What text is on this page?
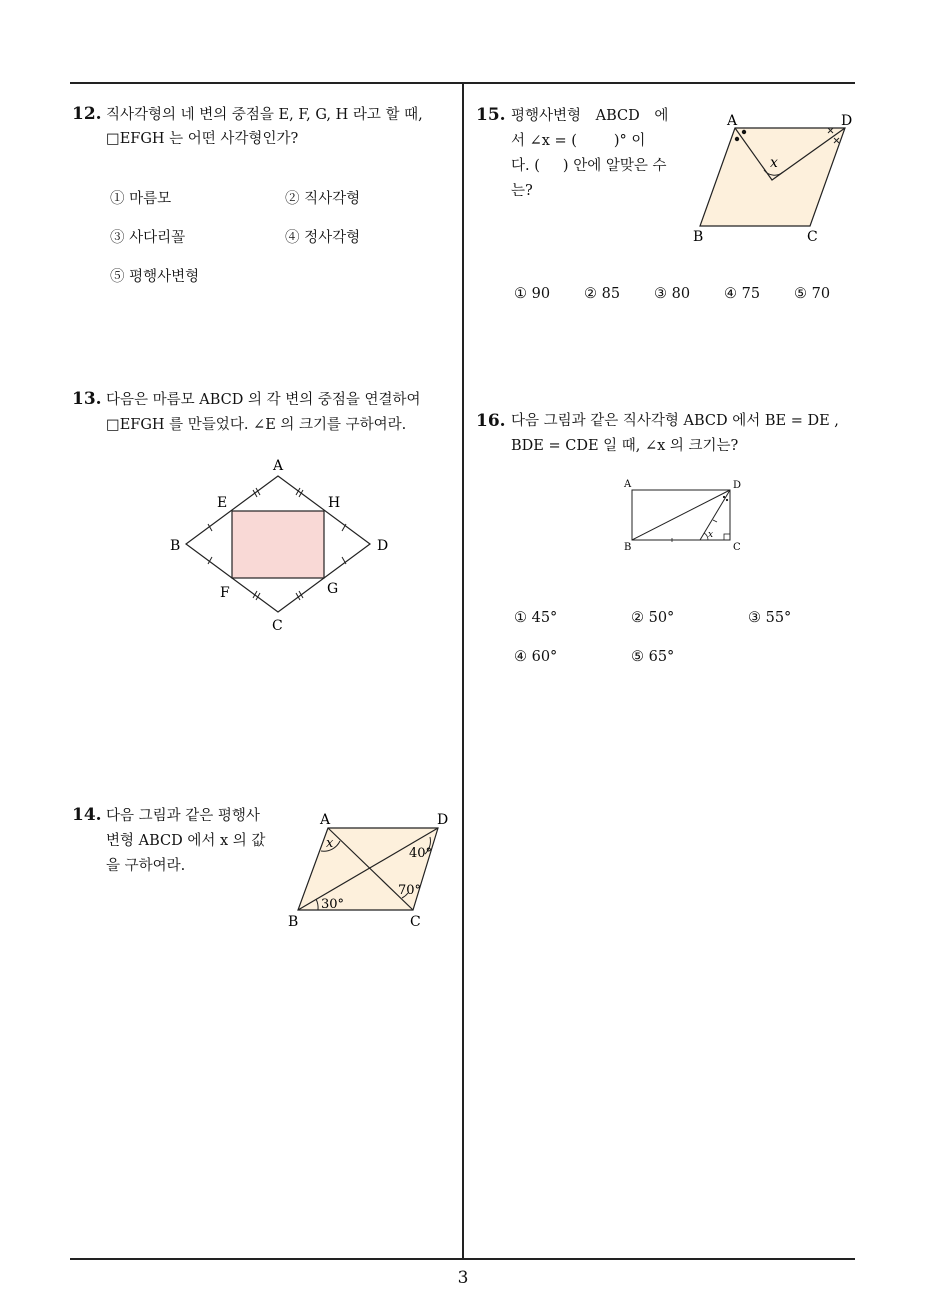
12. 직사각형의 네 변의 중점을 E, F, G, H 라고 할 때,
□EFGH 는 어떤 사각형인가?
① 마름모	② 직사각형
③ 사다리꼴	④ 정사각형
⑤ 평행사변형
13. 다음은 마름모 ABCD 의 각 변의 중점을 연결하여
□EFGH 를 만들었다. ∠E 의 크기를 구하여라.
A
B
C
D
E	H
F	G
14. 다음 그림과 같은 평행사
변형 ABCD 에서 x 의 값
을 구하여라.
A	D
B	C
x
40°
70°
30°
15. 평행사변형 ABCD 에
서 ∠x = (        )° 이
다. (     ) 안에 알맞은 수
는?
A	D
B	C
x
① 90 ② 85 ③ 80 ④ 75 ⑤ 70
16. 다음 그림과 같은 직사각형 ABCD 에서 BE = DE ,
BDE = CDE 일 때, ∠x 의 크기는?
A	D
B	C
x
① 45°	② 50°	③ 55°
④ 60°	⑤ 65°
3
